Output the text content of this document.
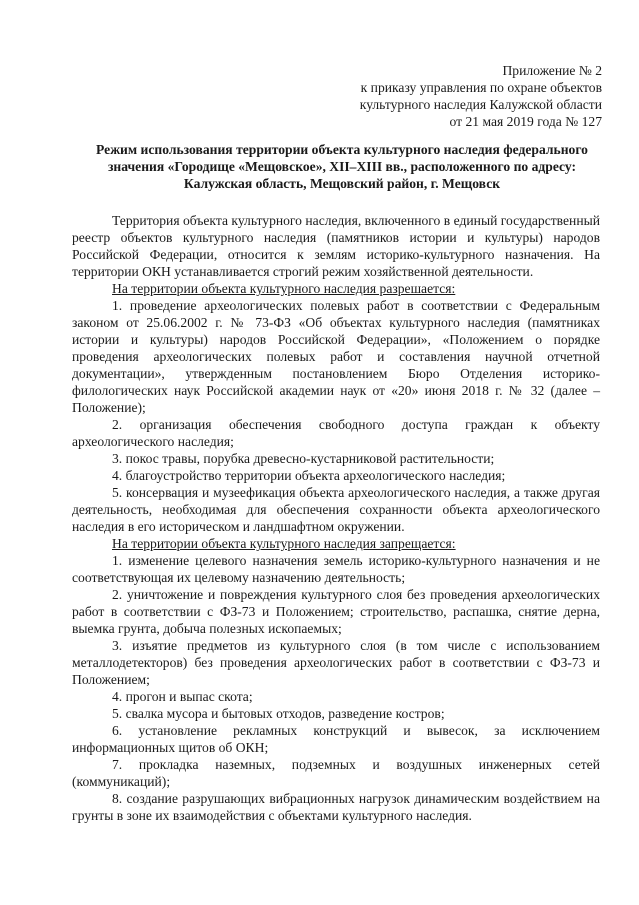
Приложение № 2
к приказу управления по охране объектов
культурного наследия Калужской области
от 21 мая 2019 года № 127
Режим использования территории объекта культурного наследия федерального
значения «Городище «Мещовское», XII–XIII вв., расположенного по адресу:
Калужская область, Мещовский район, г. Мещовск

Территория объекта культурного наследия, включенного в единый государственный реестр объектов культурного наследия (памятников истории и культуры) народов Российской Федерации, относится к землям историко-культурного назначения. На территории ОКН устанавливается строгий режим хозяйственной деятельности.

На территории объекта культурного наследия разрешается:

1. проведение археологических полевых работ в соответствии с Федеральным законом от 25.06.2002 г. № 73-ФЗ «Об объектах культурного наследия (памятниках истории и культуры) народов Российской Федерации», «Положением о порядке проведения археологических полевых работ и составления научной отчетной документации», утвержденным постановлением Бюро Отделения историко-филологических наук Российской академии наук от «20» июня 2018 г. № 32 (далее – Положение);

2. организация обеспечения свободного доступа граждан к объекту археологического наследия;

3. покос травы, порубка древесно-кустарниковой растительности;

4. благоустройство территории объекта археологического наследия;

5. консервация и музеефикация объекта археологического наследия, а также другая деятельность, необходимая для обеспечения сохранности объекта археологического наследия в его историческом и ландшафтном окружении.

На территории объекта культурного наследия запрещается:

1. изменение целевого назначения земель историко-культурного назначения и не соответствующая их целевому назначению деятельность;

2. уничтожение и повреждения культурного слоя без проведения археологических работ в соответствии с ФЗ-73 и Положением; строительство, распашка, снятие дерна, выемка грунта, добыча полезных ископаемых;

3. изъятие предметов из культурного слоя (в том числе с использованием металлодетекторов) без проведения археологических работ в соответствии с ФЗ-73 и Положением;

4. прогон и выпас скота;

5. свалка мусора и бытовых отходов, разведение костров;

6. установление рекламных конструкций и вывесок, за исключением информационных щитов об ОКН;

7. прокладка наземных, подземных и воздушных инженерных сетей (коммуникаций);

8. создание разрушающих вибрационных нагрузок динамическим воздействием на грунты в зоне их взаимодействия с объектами культурного наследия.
